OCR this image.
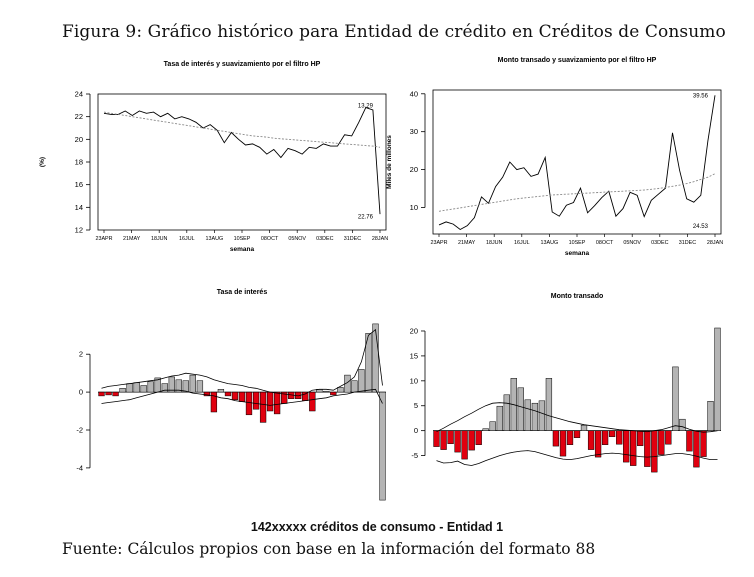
Figura 9: Gráfico histórico para Entidad de crédito en Créditos de Consumo
Tasa de interés y suavizamiento por el filtro HP
12
14
16
18
20
22
24
23APR 21MAY 18JUN 16JUL 13AUG 10SEP 08OCT 05NOV 03DEC 31DEC 28JAN
semana
(%)
13.29
22.76
Monto transado y suavizamiento por el filtro HP
10
20
30
40
23APR 21MAY 18JUN 16JUL 13AUG 10SEP 08OCT 05NOV 03DEC 31DEC 28JAN
semana
Miles de millones
39.56
24.53
Tasa de interés
-4
-2
0
2
Monto transado
-5
0
5
10
15
20
142xxxxx créditos de consumo - Entidad 1
Fuente: Cálculos propios con base en la información del formato 88
